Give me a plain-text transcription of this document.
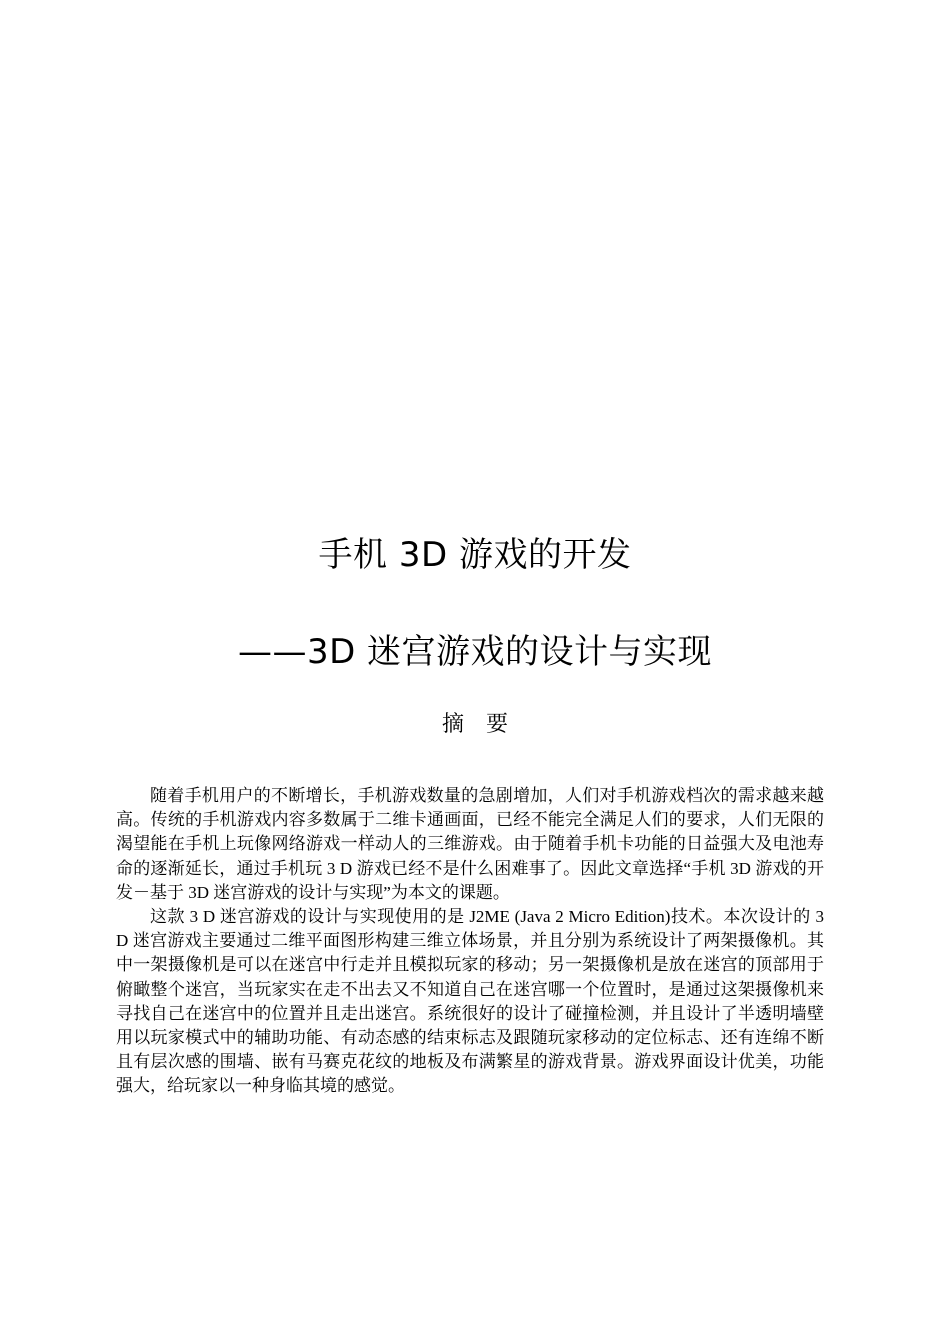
手机 3D 游戏的开发
——3D 迷宫游戏的设计与实现
摘要

随着手机用户的不断增长，手机游戏数量的急剧增加，人们对手机游戏档次的需求越来越高。传统的手机游戏内容多数属于二维卡通画面，已经不能完全满足人们的要求，人们无限的渴望能在手机上玩像网络游戏一样动人的三维游戏。由于随着手机卡功能的日益强大及电池寿命的逐渐延长，通过手机玩 3 D 游戏已经不是什么困难事了。因此文章选择“手机 3D 游戏的开发－基于 3D 迷宫游戏的设计与实现”为本文的课题。

这款 3 D 迷宫游戏的设计与实现使用的是 J2ME (Java 2 Micro Edition)技术。本次设计的 3 D 迷宫游戏主要通过二维平面图形构建三维立体场景，并且分别为系统设计了两架摄像机。其中一架摄像机是可以在迷宫中行走并且模拟玩家的移动；另一架摄像机是放在迷宫的顶部用于俯瞰整个迷宫，当玩家实在走不出去又不知道自己在迷宫哪一个位置时，是通过这架摄像机来寻找自己在迷宫中的位置并且走出迷宫。系统很好的设计了碰撞检测，并且设计了半透明墙壁用以玩家模式中的辅助功能、有动态感的结束标志及跟随玩家移动的定位标志、还有连绵不断且有层次感的围墙、嵌有马赛克花纹的地板及布满繁星的游戏背景。游戏界面设计优美，功能强大，给玩家以一种身临其境的感觉。
